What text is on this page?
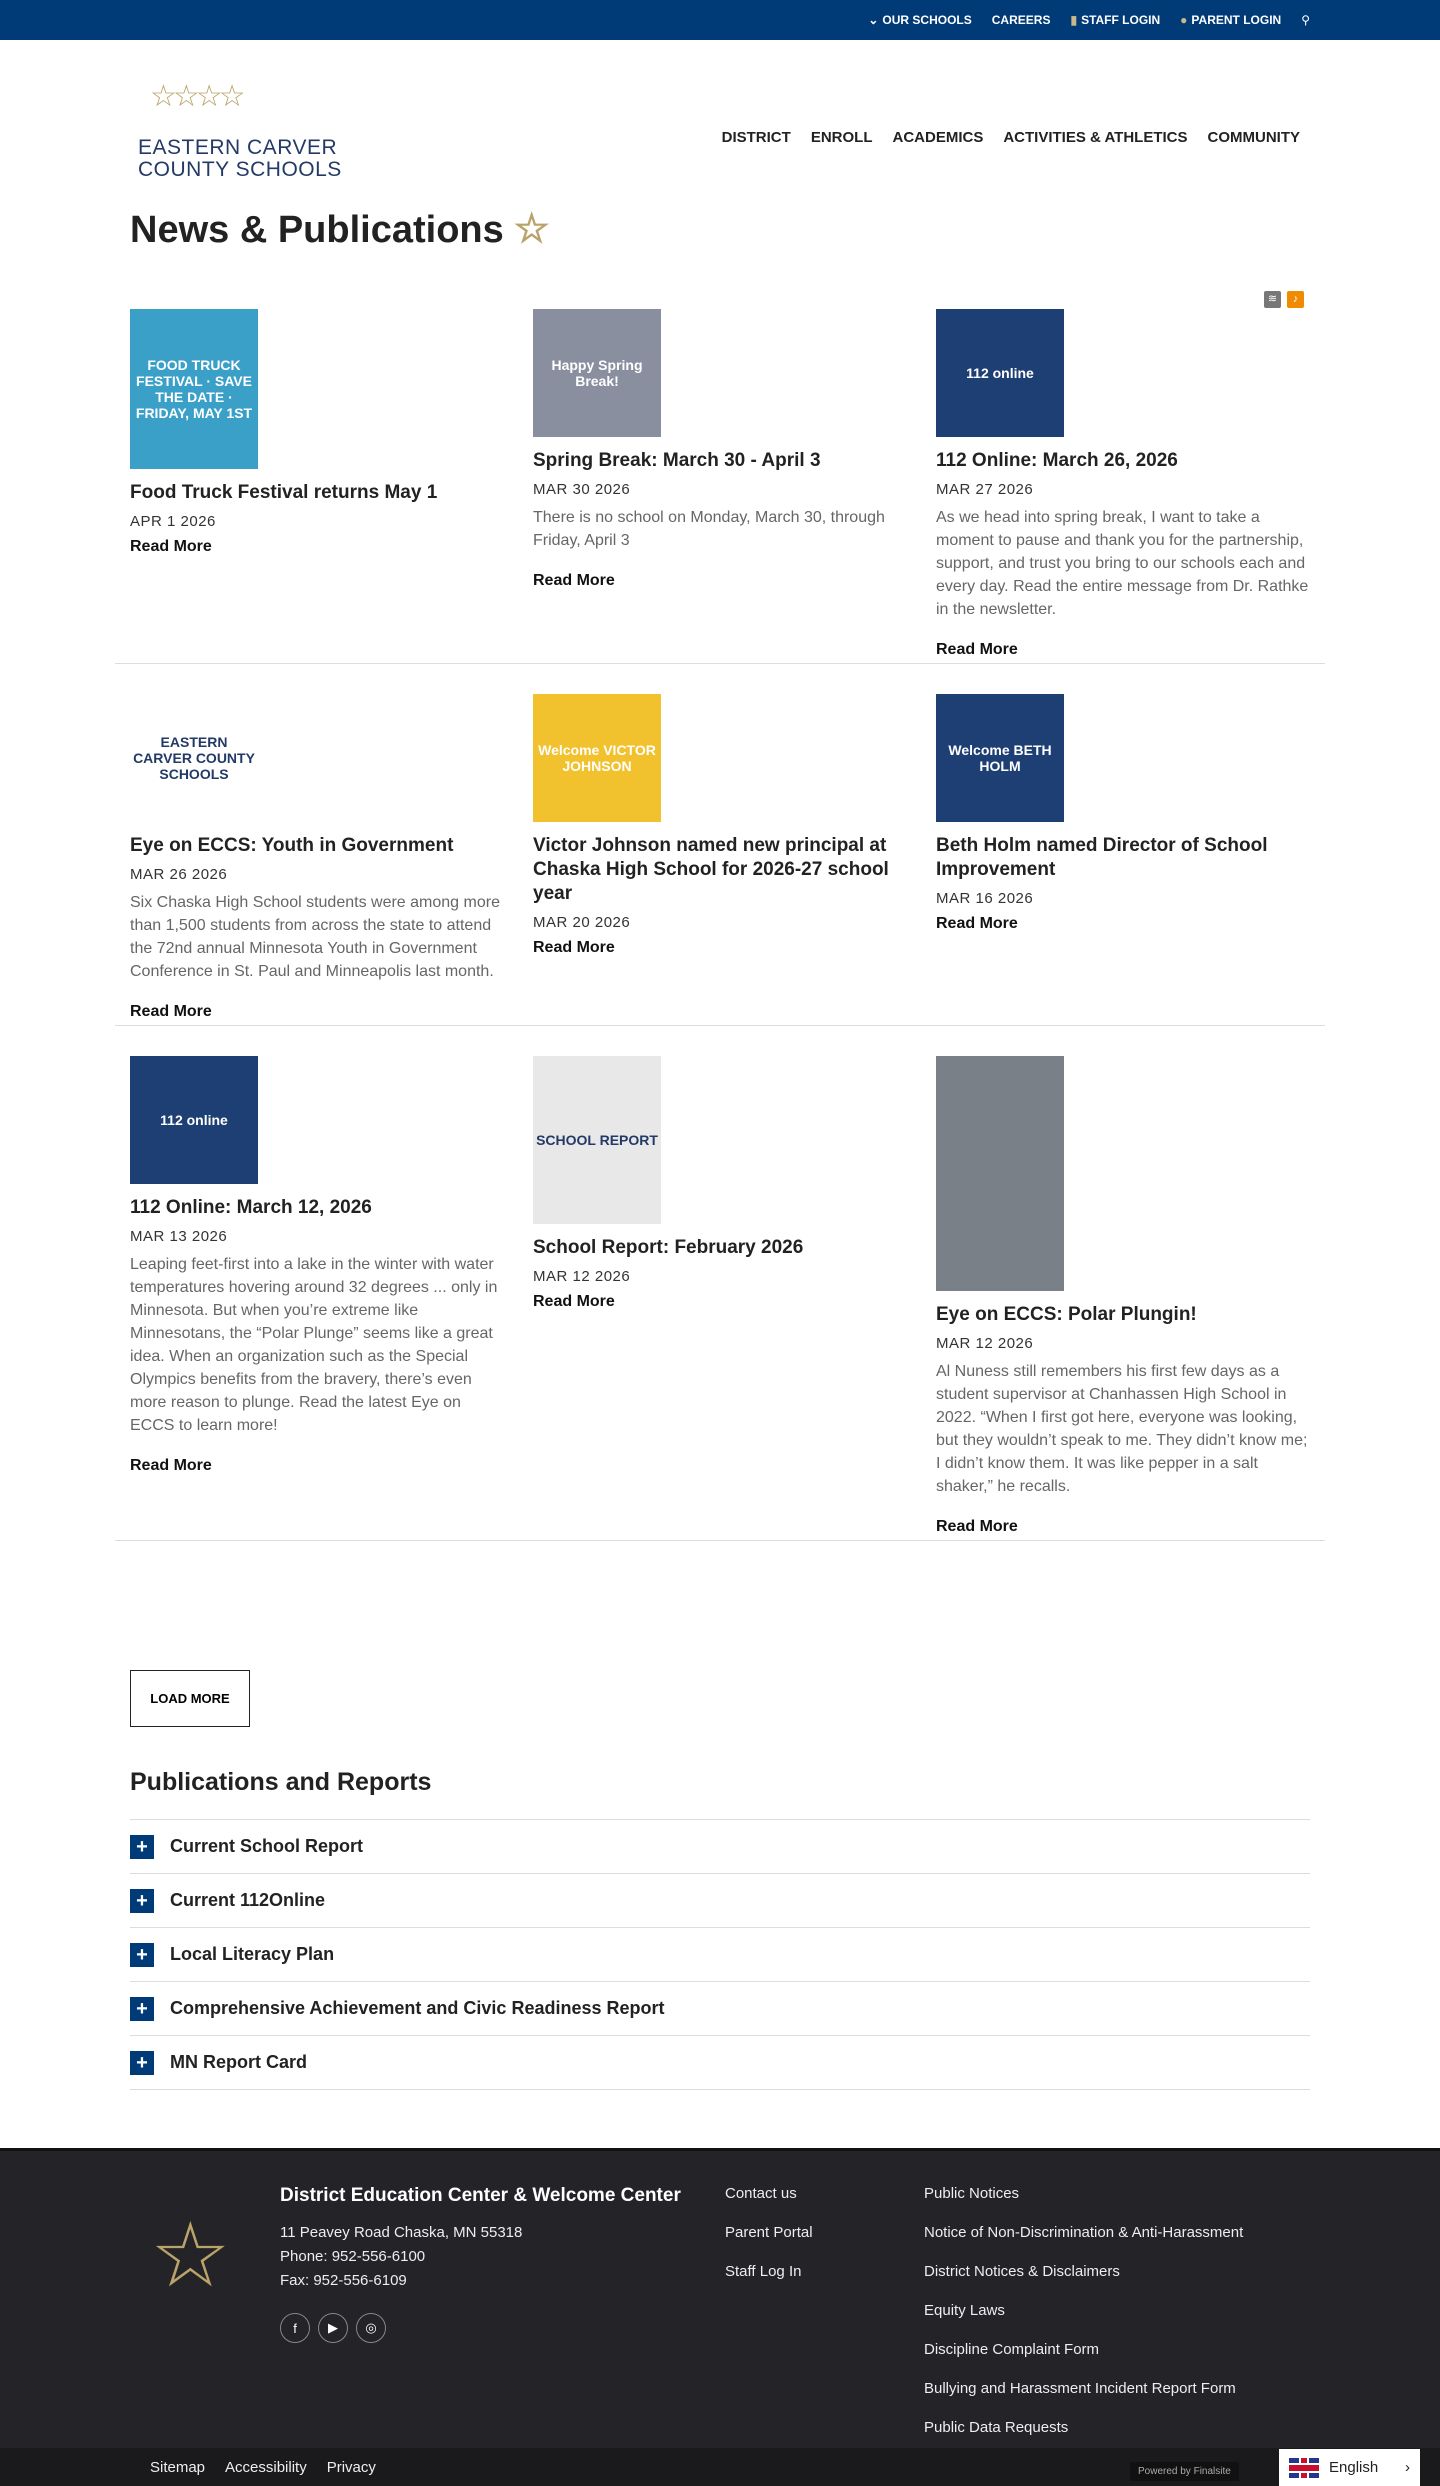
⌄ OUR SCHOOLS CAREERS ▮ STAFF LOGIN ● PARENT LOGIN ⚲
☆☆☆☆
EASTERN CARVER
COUNTY SCHOOLS
DISTRICT ENROLL ACADEMICS ACTIVITIES & ATHLETICS COMMUNITY
News & Publications ☆
≋	♪
FOOD TRUCK FESTIVAL · SAVE THE DATE · FRIDAY, MAY 1ST
Food Truck Festival returns May 1
APR 1 2026
Read More
Happy Spring Break!
Spring Break: March 30 - April 3
MAR 30 2026
There is no school on Monday, March 30, through Friday, April 3
Read More
112 online
112 Online: March 26, 2026
MAR 27 2026
As we head into spring break, I want to take a moment to pause and thank you for the partnership, support, and trust you bring to our schools each and every day. Read the entire message from Dr. Rathke in the newsletter.
Read More
EASTERN CARVER COUNTY SCHOOLS
Eye on ECCS: Youth in Government
MAR 26 2026
Six Chaska High School students were among more than 1,500 students from across the state to attend the 72nd annual Minnesota Youth in Government Conference in St. Paul and Minneapolis last month.
Read More
Welcome VICTOR JOHNSON
Victor Johnson named new principal at Chaska High School for 2026-27 school year
MAR 20 2026
Read More
Welcome BETH HOLM
Beth Holm named Director of School Improvement
MAR 16 2026
Read More
112 online
112 Online: March 12, 2026
MAR 13 2026
Leaping feet-first into a lake in the winter with water temperatures hovering around 32 degrees ... only in Minnesota. But when you’re extreme like Minnesotans, the “Polar Plunge” seems like a great idea. When an organization such as the Special Olympics benefits from the bravery, there’s even more reason to plunge. Read the latest Eye on ECCS to learn more!
Read More
SCHOOL REPORT
School Report: February 2026
MAR 12 2026
Read More
Eye on ECCS: Polar Plungin!
MAR 12 2026
Al Nuness still remembers his first few days as a student supervisor at Chanhassen High School in 2022. “When I first got here, everyone was looking, but they wouldn’t speak to me. They didn’t know me; I didn’t know them. It was like pepper in a salt shaker,” he recalls.
Read More
LOAD MORE
Publications and Reports
+	Current School Report
+	Current 112Online
+	Local Literacy Plan
+	Comprehensive Achievement and Civic Readiness Report
+	MN Report Card
☆
District Education Center & Welcome Center

11 Peavey Road Chaska, MN 55318

Phone: 952-556-6100

Fax: 952-556-6109

f	▶	◎
Contact us
Parent Portal
Staff Log In
Public Notices
Notice of Non-Discrimination & Anti-Harassment
District Notices & Disclaimers
Equity Laws
Discipline Complaint Form
Bullying and Harassment Incident Report Form
Public Data Requests
Sitemap Accessibility Privacy	Powered by Finalsite	English ›
